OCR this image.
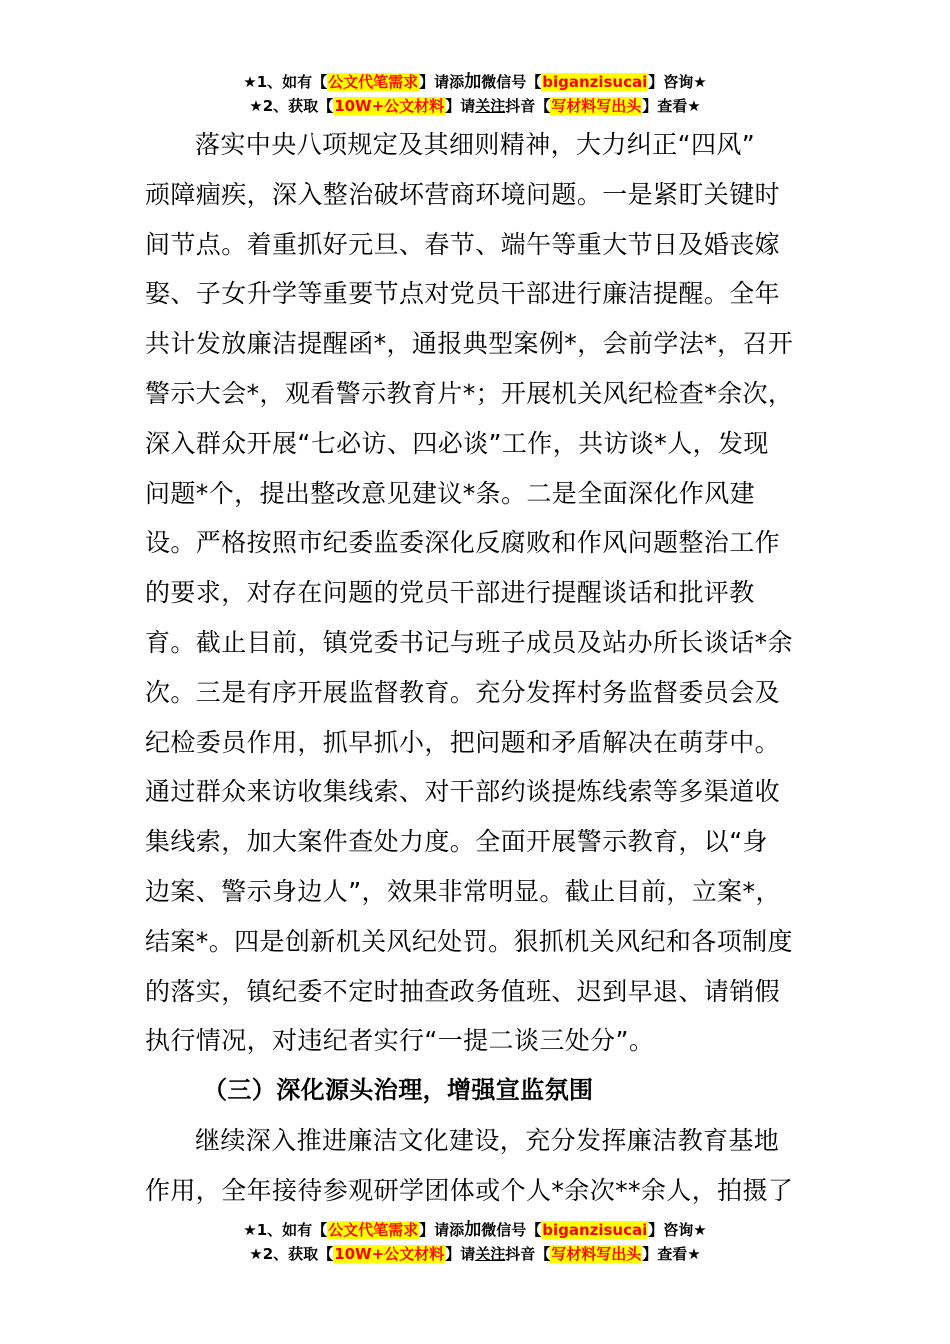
★1、如有【公文代笔需求】请添加微信号【biganzisucai】咨询★
★2、获取【10W+公文材料】请关注抖音【写材料写出头】查看★
落实中央八项规定及其细则精神，大力纠正“四风”
顽障痼疾，深入整治破坏营商环境问题。一是紧盯关键时
间节点。着重抓好元旦、春节、端午等重大节日及婚丧嫁
娶、子女升学等重要节点对党员干部进行廉洁提醒。全年
共计发放廉洁提醒函*，通报典型案例*，会前学法*，召开
警示大会*，观看警示教育片*；开展机关风纪检查*余次，
深入群众开展“七必访、四必谈”工作，共访谈*人，发现
问题*个，提出整改意见建议*条。二是全面深化作风建
设。严格按照市纪委监委深化反腐败和作风问题整治工作
的要求，对存在问题的党员干部进行提醒谈话和批评教
育。截止目前，镇党委书记与班子成员及站办所长谈话*余
次。三是有序开展监督教育。充分发挥村务监督委员会及
纪检委员作用，抓早抓小，把问题和矛盾解决在萌芽中。
通过群众来访收集线索、对干部约谈提炼线索等多渠道收
集线索，加大案件查处力度。全面开展警示教育，以“身
边案、警示身边人”，效果非常明显。截止目前，立案*，
结案*。四是创新机关风纪处罚。狠抓机关风纪和各项制度
的落实，镇纪委不定时抽查政务值班、迟到早退、请销假
执行情况，对违纪者实行“一提二谈三处分”。
（三）深化源头治理，增强宣监氛围
继续深入推进廉洁文化建设，充分发挥廉洁教育基地
作用，全年接待参观研学团体或个人*余次**余人，拍摄了
★1、如有【公文代笔需求】请添加微信号【biganzisucai】咨询★
★2、获取【10W+公文材料】请关注抖音【写材料写出头】查看★
